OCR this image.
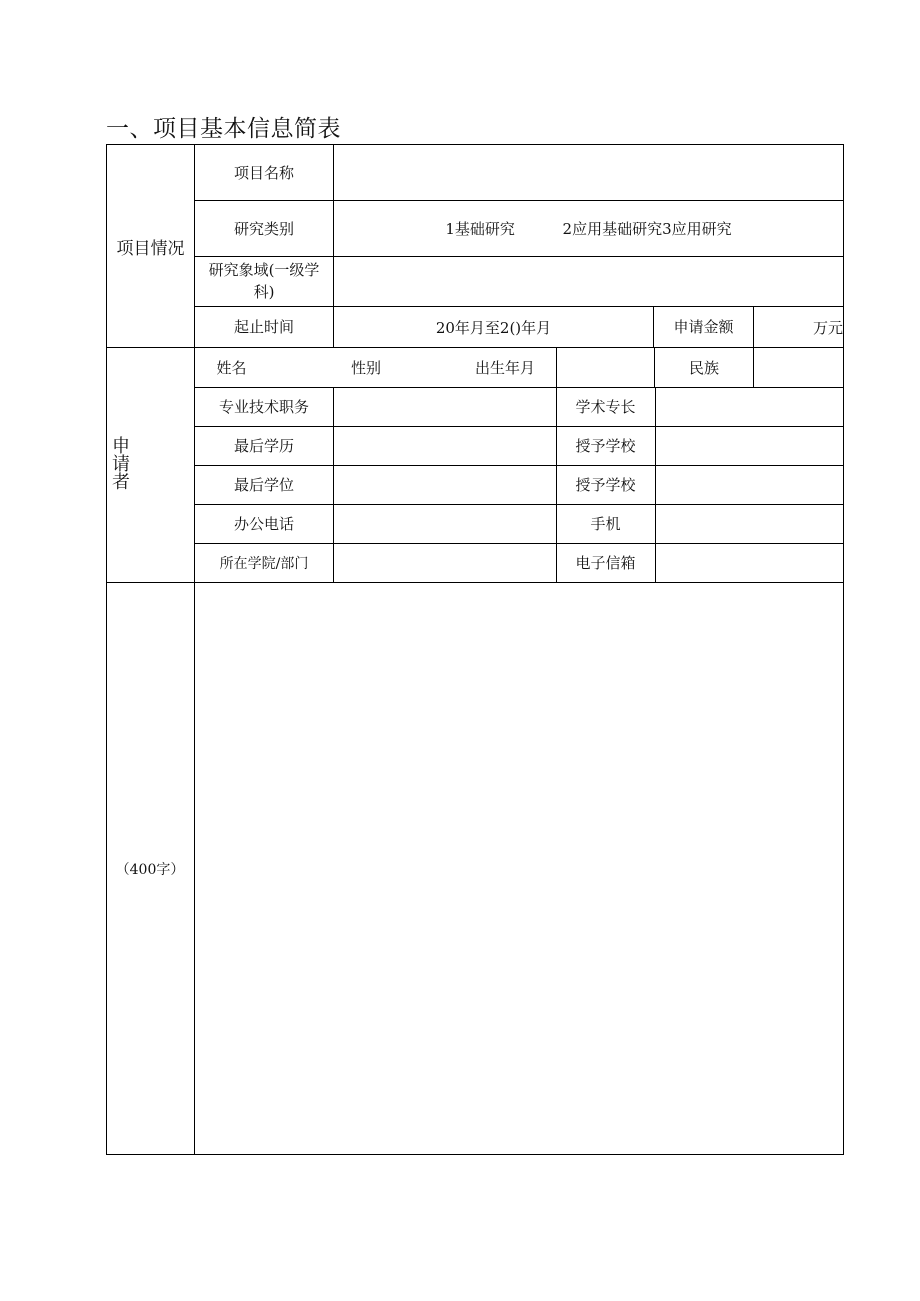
一、项目基本信息简表
项目情况
项目名称
研究类别	1基础研究          2应用基础研究3应用研究
研究象域(一级学
科)
起止时间	20年月至2()年月	申请金额	万元
申
请
者
姓名	性别	出生年月	民族
专业技术职务	学术专长
最后学历	授予学校
最后学位	授予学校
办公电话	手机
所在学院/部门	电子信箱
（400字）
